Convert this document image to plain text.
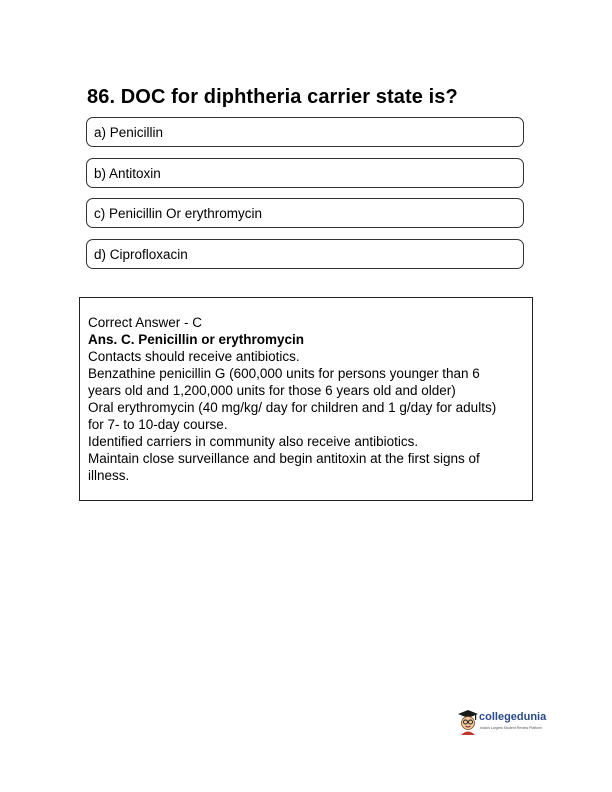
86. DOC for diphtheria carrier state is?
a) Penicillin
b) Antitoxin
c) Penicillin Or erythromycin
d) Ciprofloxacin
Correct Answer - C
Ans. C. Penicillin or erythromycin
Contacts should receive antibiotics.
Benzathine penicillin G (600,000 units for persons younger than 6
years old and 1,200,000 units for those 6 years old and older)
Oral erythromycin (40 mg/kg/ day for children and 1 g/day for adults)
for 7- to 10-day course.
Identified carriers in community also receive antibiotics.
Maintain close surveillance and begin antitoxin at the first signs of
illness.
collegedunia
India's Largest Student Review Platform
